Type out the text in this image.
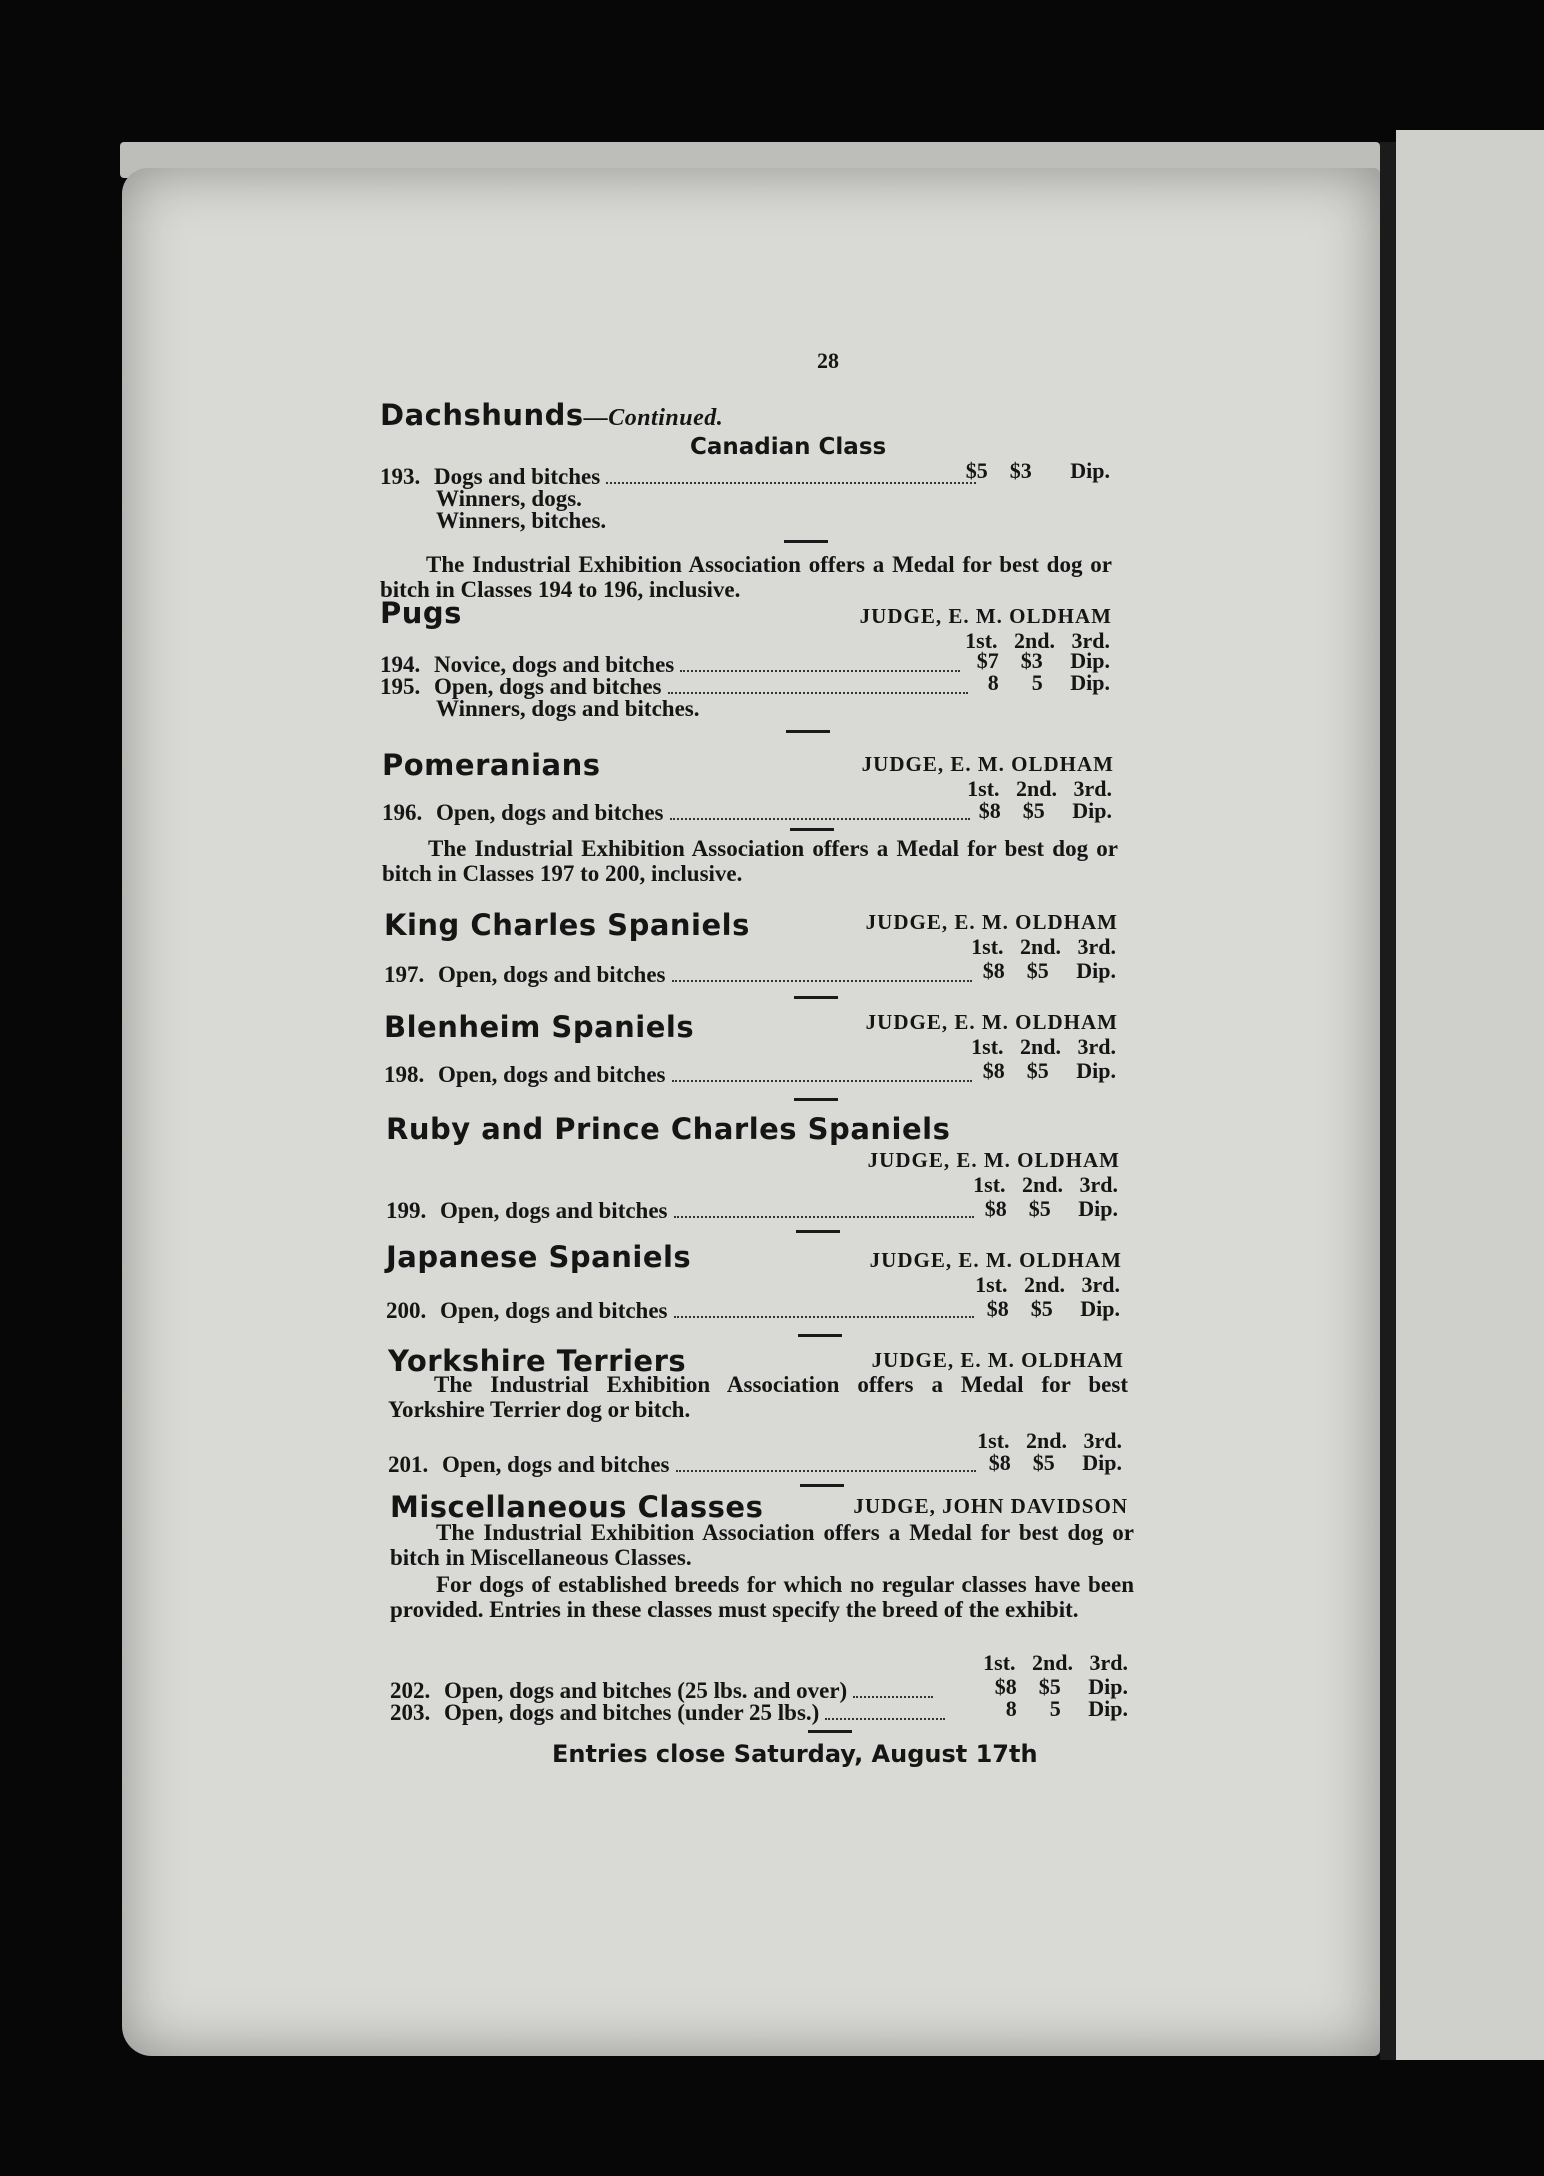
28
Dachshunds—Continued.
Canadian Class
193. Dogs and bitches	$5    $3       Dip.
Winners, dogs.
Winners, bitches.
The Industrial Exhibition Association offers a Medal for best dog or bitch in Classes 194 to 196, inclusive.
Pugs	JUDGE, E. M. OLDHAM
1st.   2nd.   3rd.
194. Novice, dogs and bitches	$7    $3     Dip.
195. Open, dogs and bitches	8      5     Dip.
Winners, dogs and bitches.
Pomeranians	JUDGE, E. M. OLDHAM
1st.   2nd.   3rd.
196. Open, dogs and bitches	$8    $5     Dip.
The Industrial Exhibition Association offers a Medal for best dog or bitch in Classes 197 to 200, inclusive.
King Charles Spaniels	JUDGE, E. M. OLDHAM
1st.   2nd.   3rd.
197. Open, dogs and bitches	$8    $5     Dip.
Blenheim Spaniels	JUDGE, E. M. OLDHAM
1st.   2nd.   3rd.
198. Open, dogs and bitches	$8    $5     Dip.
Ruby and Prince Charles Spaniels
JUDGE, E. M. OLDHAM
1st.   2nd.   3rd.
199. Open, dogs and bitches	$8    $5     Dip.
Japanese Spaniels	JUDGE, E. M. OLDHAM
1st.   2nd.   3rd.
200. Open, dogs and bitches	$8    $5     Dip.
Yorkshire Terriers	JUDGE, E. M. OLDHAM
The Industrial Exhibition Association offers a Medal for best Yorkshire Terrier dog or bitch.
1st.   2nd.   3rd.
201. Open, dogs and bitches	$8    $5     Dip.
Miscellaneous Classes	JUDGE, JOHN DAVIDSON
The Industrial Exhibition Association offers a Medal for best dog or bitch in Miscellaneous Classes.
For dogs of established breeds for which no regular classes have been provided. Entries in these classes must specify the breed of the exhibit.
1st.   2nd.   3rd.
202. Open, dogs and bitches (25 lbs. and over)	$8    $5     Dip.
203. Open, dogs and bitches (under 25 lbs.)	8      5     Dip.
Entries close Saturday, August 17th
